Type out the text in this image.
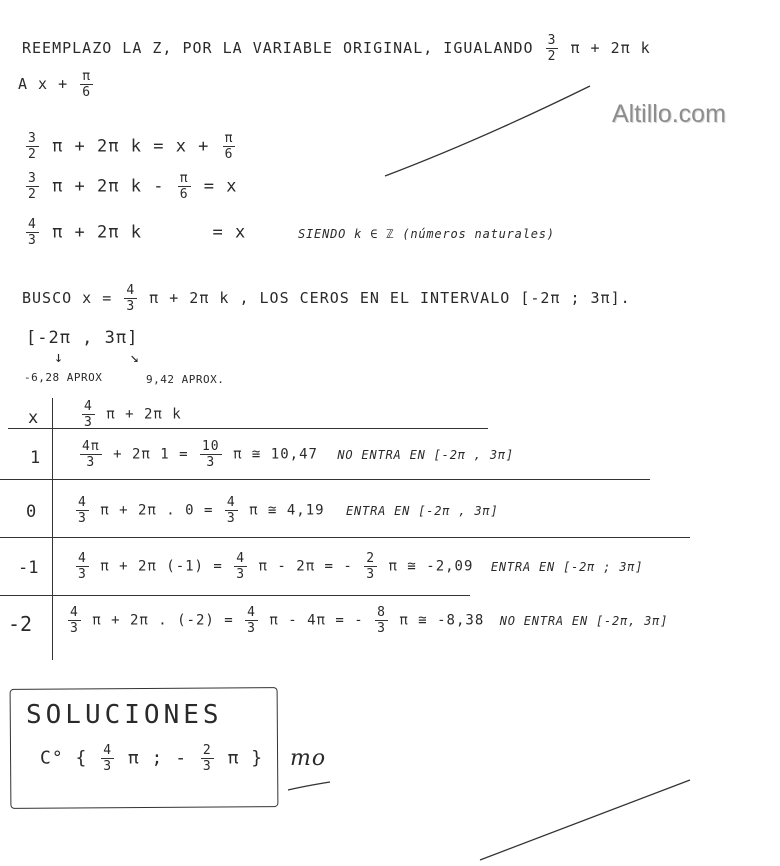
Altillo.com
REEMPLAZO LA Z, POR LA VARIABLE ORIGINAL, IGUALANDO $\frac{3}{2}$ π + 2π k
A $x + \frac{\pi}{6}$
$\frac{3}{2}$ π + 2π $k = x + \frac{\pi}{6}$
$\frac{3}{2}$ π + 2π $k - \frac{\pi}{6} = x$
$\frac{4}{3}$ π + 2π k	= x	SIENDO k ∈ ℤ (números naturales)
BUSCO $x = \frac{4}{3}$ π + 2π k , LOS CEROS EN EL INTERVALO [-2π ; 3π].
[-2π , 3π]
↓	↘
-6,28 APROX	9,42 APROX.
x	$\frac{4}{3}$ π + 2π k
1	$\frac{4\pi}{3} + 2\pi$ $1 = \frac{10}{3}$ π ≅ 10,47 NO ENTRA EN [-2π , 3π]
0	$\frac{4}{3}$ π + 2π . $0 = \frac{4}{3}$ π ≅ 4,19 ENTRA EN [-2π , 3π]
-1	$\frac{4}{3}$ π + 2π $(-1) = \frac{4}{3}$ π - 2π = - $\frac{2}{3}$ π ≅ -2,09 ENTRA EN [-2π ; 3π]
-2	$\frac{4}{3}$ π + 2π . $(-2) = \frac{4}{3}$ π - 4π = - $\frac{8}{3}$ π ≅ -8,38 NO ENTRA EN [-2π, 3π]
SOLUCIONES
C° { $\frac{4}{3}$ π ; - $\frac{2}{3}$ π } mo
